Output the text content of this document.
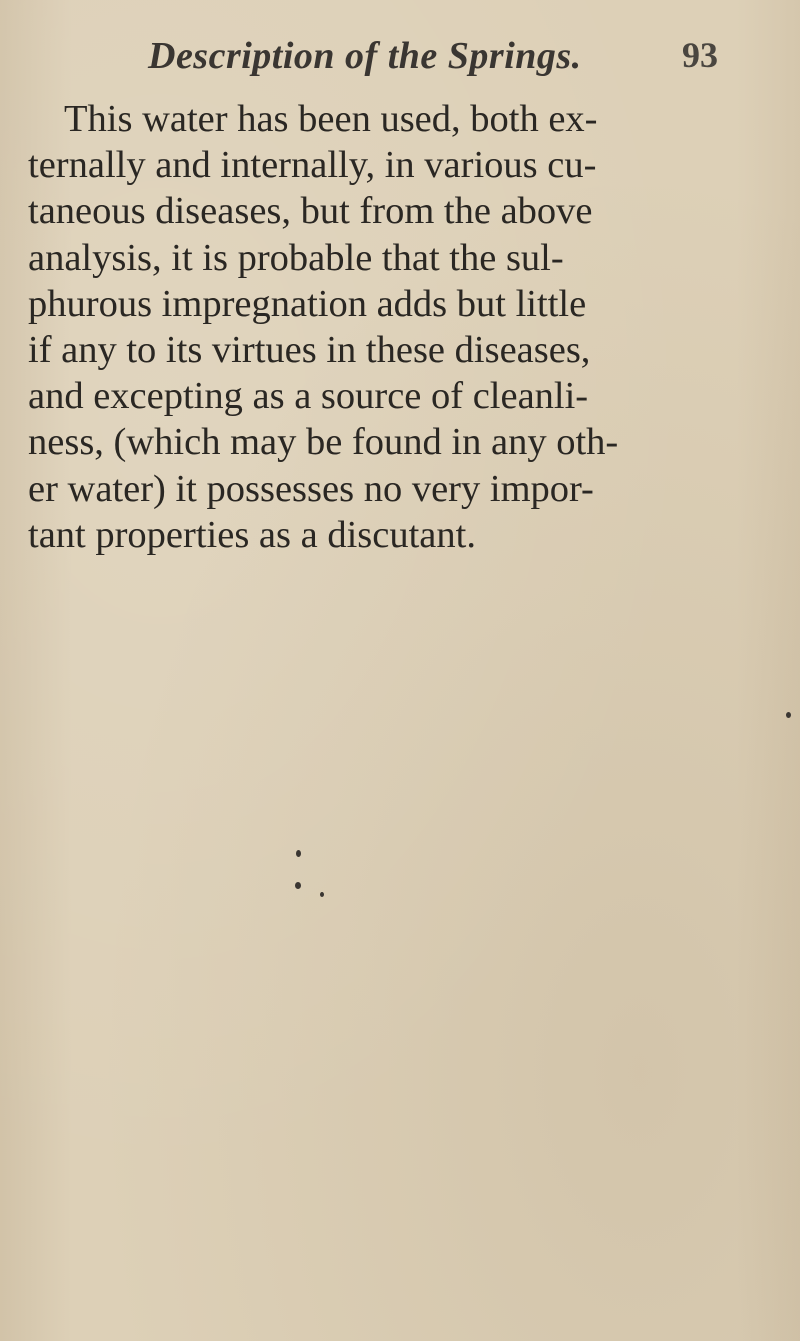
Description of the Springs.	93
This water has been used, both ex-
ternally and internally, in various cu-
taneous diseases, but from the above
analysis, it is probable that the sul-
phurous impregnation adds but little
if any to its virtues in these diseases,
and excepting as a source of cleanli-
ness, (which may be found in any oth-
er water) it possesses no very impor-
tant properties as a discutant.
